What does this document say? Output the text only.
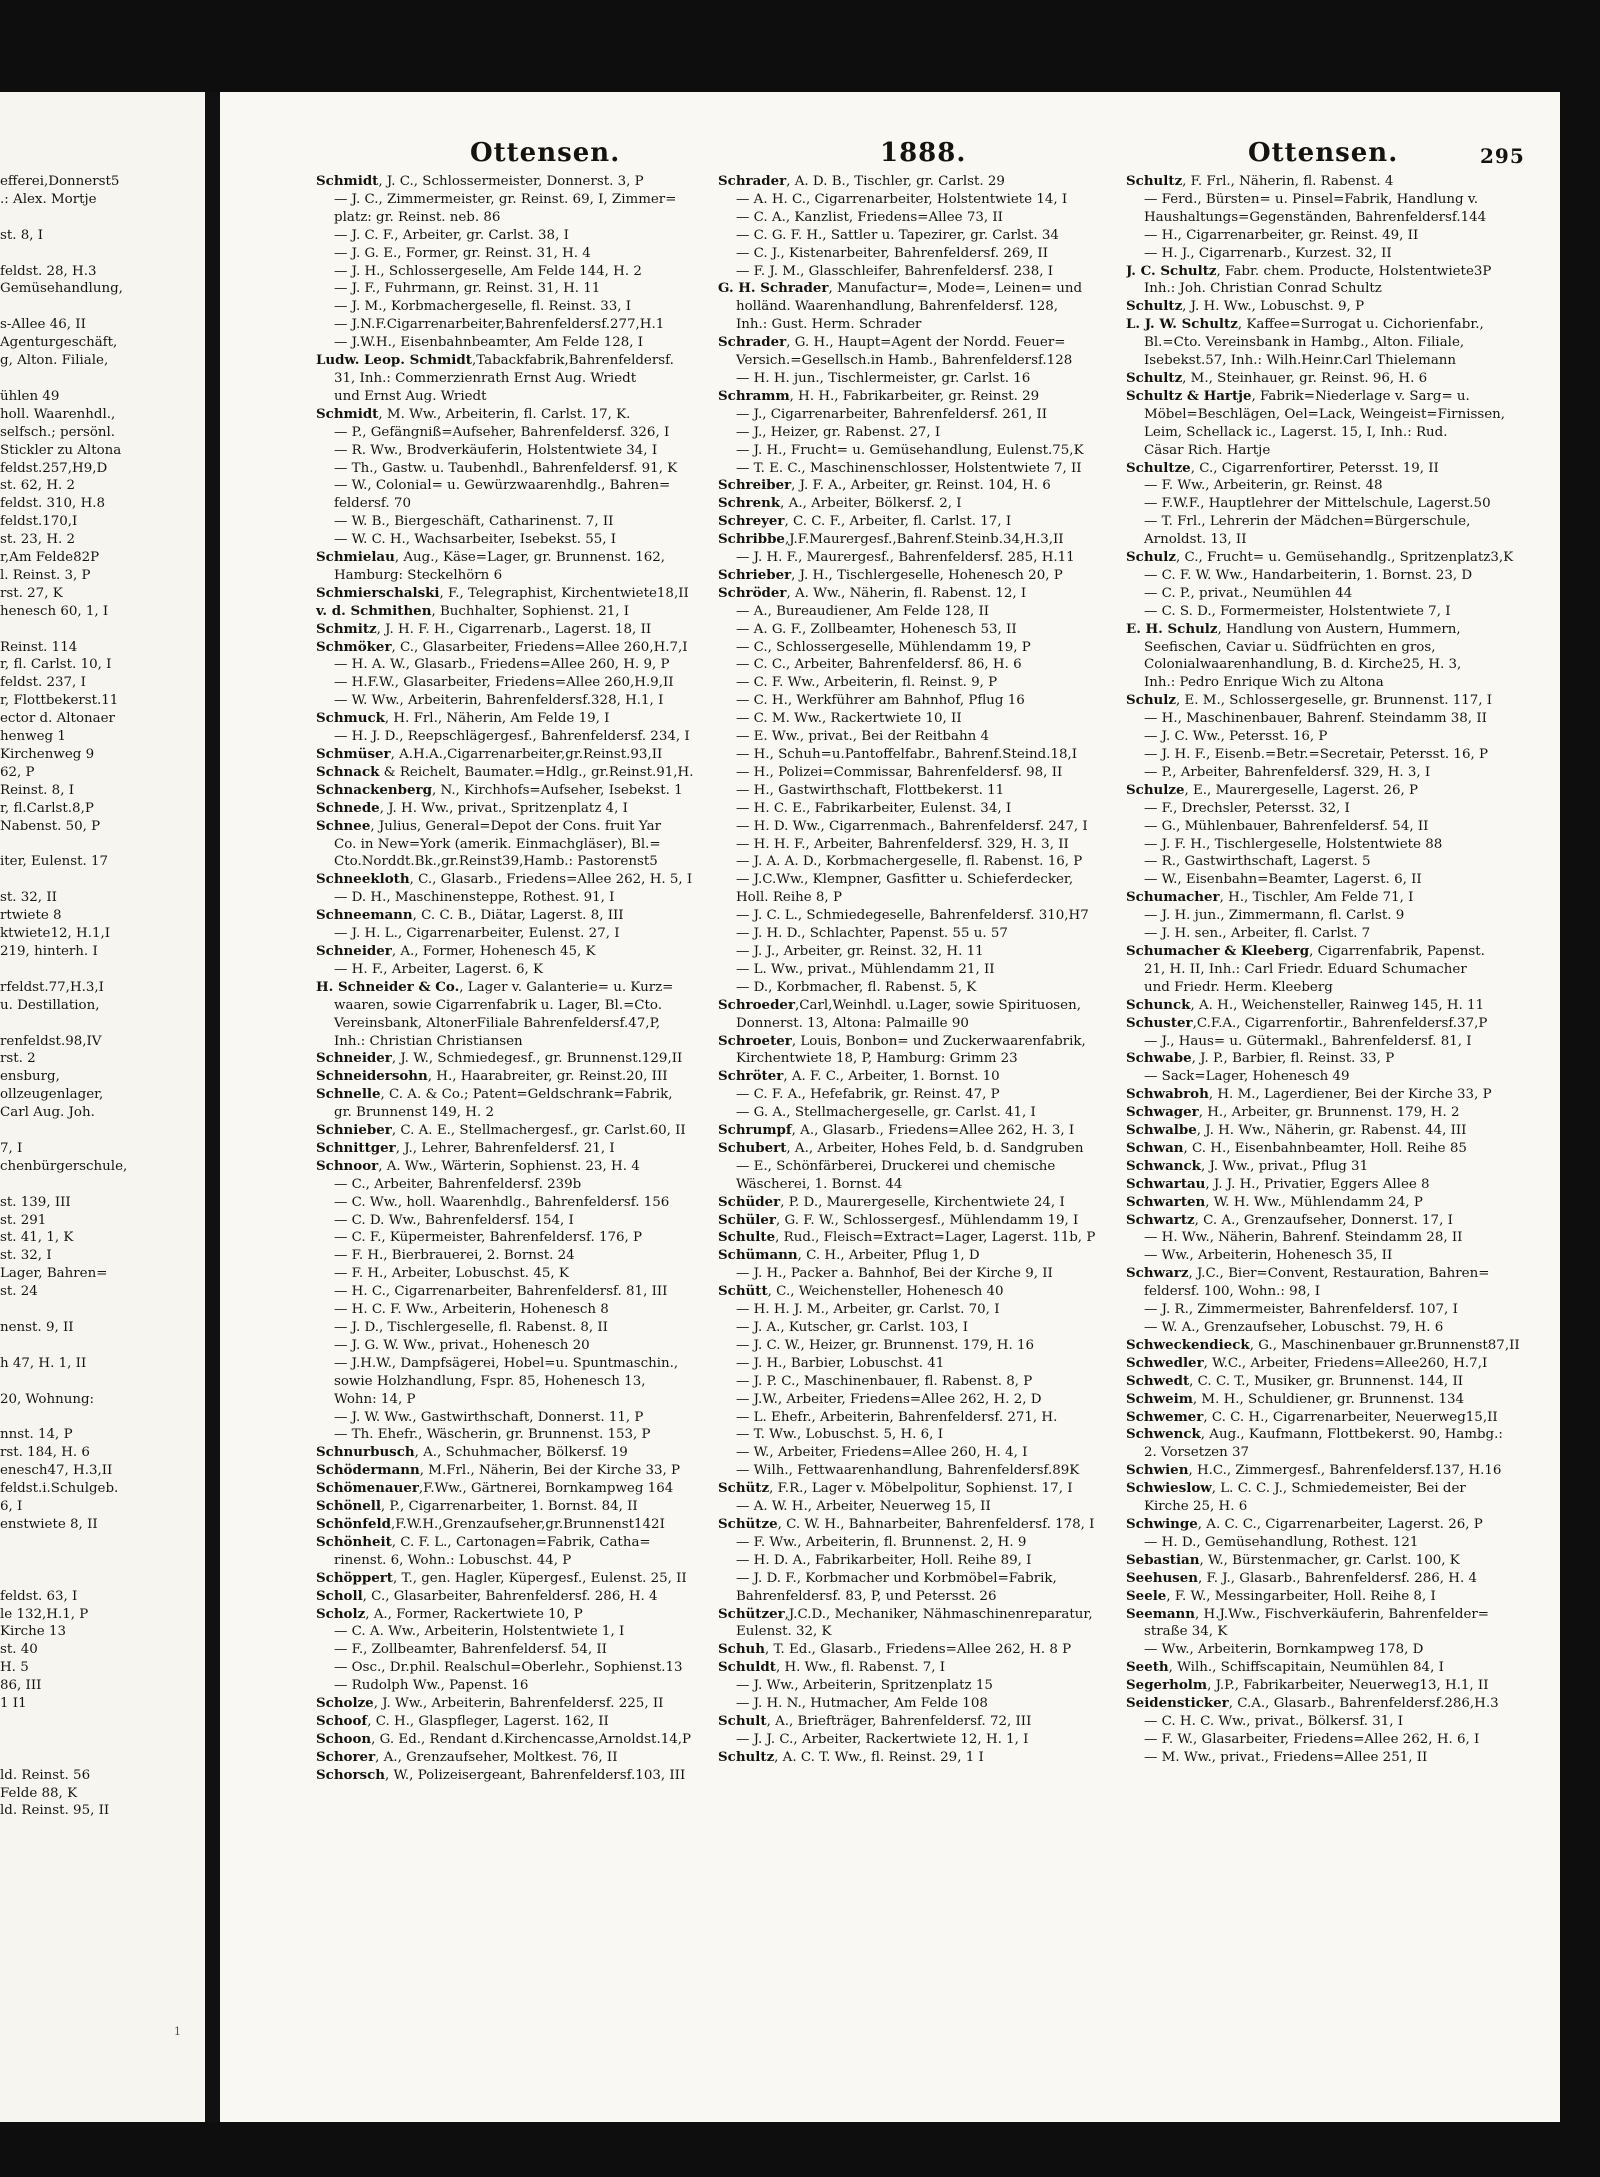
efferei,Donnerst5
.: Alex. Mortje

st. 8, I

feldst. 28, H.3
Gemüsehandlung,

s-Allee 46, II
Agenturgeschäft,
g, Alton. Filiale,

ühlen 49
holl. Waarenhdl.,
selfsch.; persönl.
Stickler zu Altona
feldst.257,H9,D
st. 62, H. 2
feldst. 310, H.8
feldst.170,I
st. 23, H. 2
r,Am Felde82P
l. Reinst. 3, P
rst. 27, K
henesch 60, 1, I

Reinst. 114
r, fl. Carlst. 10, I
feldst. 237, I
r, Flottbekerst.11
ector d. Altonaer
henweg 1
Kirchenweg 9
62, P
Reinst. 8, I
r, fl.Carlst.8,P
Nabenst. 50, P

iter, Eulenst. 17

st. 32, II
rtwiete 8
ktwiete12, H.1,I
219, hinterh. I

rfeldst.77,H.3,I
u. Destillation,

renfeldst.98,IV
rst. 2
ensburg,
ollzeugenlager,
Carl Aug. Joh.

7, I
chenbürgerschule,

st. 139, III
st. 291
st. 41, 1, K
st. 32, I
Lager, Bahren=
st. 24

nenst. 9, II

h 47, H. 1, II

20, Wohnung:

nnst. 14, P
rst. 184, H. 6
enesch47, H.3,II
feldst.i.Schulgeb.
6, I
enstwiete 8, II

feldst. 63, I
le 132,H.1, P
Kirche 13
st. 40
H. 5
86, III
1 I1

ld. Reinst. 56
Felde 88, K
ld. Reinst. 95, II
Ottensen.	1888.	Ottensen.	295
Schmidt, J. C., Schlossermeister, Donnerst. 3, P
— J. C., Zimmermeister, gr. Reinst. 69, I, Zimmer=
platz: gr. Reinst. neb. 86
— J. C. F., Arbeiter, gr. Carlst. 38, I
— J. G. E., Former, gr. Reinst. 31, H. 4
— J. H., Schlossergeselle, Am Felde 144, H. 2
— J. F., Fuhrmann, gr. Reinst. 31, H. 11
— J. M., Korbmachergeselle, fl. Reinst. 33, I
— J.N.F.Cigarrenarbeiter,Bahrenfeldersf.277,H.1
— J.W.H., Eisenbahnbeamter, Am Felde 128, I
Ludw. Leop. Schmidt,Tabackfabrik,Bahrenfeldersf.
31, Inh.: Commerzienrath Ernst Aug. Wriedt
und Ernst Aug. Wriedt
Schmidt, M. Ww., Arbeiterin, fl. Carlst. 17, K.
— P., Gefängniß=Aufseher, Bahrenfeldersf. 326, I
— R. Ww., Brodverkäuferin, Holstentwiete 34, I
— Th., Gastw. u. Taubenhdl., Bahrenfeldersf. 91, K
— W., Colonial= u. Gewürzwaarenhdlg., Bahren=
feldersf. 70
— W. B., Biergeschäft, Catharinenst. 7, II
— W. C. H., Wachsarbeiter, Isebekst. 55, I
Schmielau, Aug., Käse=Lager, gr. Brunnenst. 162,
Hamburg: Steckelhörn 6
Schmierschalski, F., Telegraphist, Kirchentwiete18,II
v. d. Schmithen, Buchhalter, Sophienst. 21, I
Schmitz, J. H. F. H., Cigarrenarb., Lagerst. 18, II
Schmöker, C., Glasarbeiter, Friedens=Allee 260,H.7,I
— H. A. W., Glasarb., Friedens=Allee 260, H. 9, P
— H.F.W., Glasarbeiter, Friedens=Allee 260,H.9,II
— W. Ww., Arbeiterin, Bahrenfeldersf.328, H.1, I
Schmuck, H. Frl., Näherin, Am Felde 19, I
— H. J. D., Reepschlägergesf., Bahrenfeldersf. 234, I
Schmüser, A.H.A.,Cigarrenarbeiter,gr.Reinst.93,II
Schnack & Reichelt, Baumater.=Hdlg., gr.Reinst.91,H.
Schnackenberg, N., Kirchhofs=Aufseher, Isebekst. 1
Schnede, J. H. Ww., privat., Spritzenplatz 4, I
Schnee, Julius, General=Depot der Cons. fruit Yar
Co. in New=York (amerik. Einmachgläser), Bl.=
Cto.Norddt.Bk.,gr.Reinst39,Hamb.: Pastorenst5
Schneekloth, C., Glasarb., Friedens=Allee 262, H. 5, I
— D. H., Maschinensteppe, Rothest. 91, I
Schneemann, C. C. B., Diätar, Lagerst. 8, III
— J. H. L., Cigarrenarbeiter, Eulenst. 27, I
Schneider, A., Former, Hohenesch 45, K
— H. F., Arbeiter, Lagerst. 6, K
H. Schneider & Co., Lager v. Galanterie= u. Kurz=
waaren, sowie Cigarrenfabrik u. Lager, Bl.=Cto.
Vereinsbank, AltonerFiliale Bahrenfeldersf.47,P,
Inh.: Christian Christiansen
Schneider, J. W., Schmiedegesf., gr. Brunnenst.129,II
Schneidersohn, H., Haarabreiter, gr. Reinst.20, III
Schnelle, C. A. & Co.; Patent=Geldschrank=Fabrik,
gr. Brunnenst 149, H. 2
Schnieber, C. A. E., Stellmachergesf., gr. Carlst.60, II
Schnittger, J., Lehrer, Bahrenfeldersf. 21, I
Schnoor, A. Ww., Wärterin, Sophienst. 23, H. 4
— C., Arbeiter, Bahrenfeldersf. 239b
— C. Ww., holl. Waarenhdlg., Bahrenfeldersf. 156
— C. D. Ww., Bahrenfeldersf. 154, I
— C. F., Küpermeister, Bahrenfeldersf. 176, P
— F. H., Bierbrauerei, 2. Bornst. 24
— F. H., Arbeiter, Lobuschst. 45, K
— H. C., Cigarrenarbeiter, Bahrenfeldersf. 81, III
— H. C. F. Ww., Arbeiterin, Hohenesch 8
— J. D., Tischlergeselle, fl. Rabenst. 8, II
— J. G. W. Ww., privat., Hohenesch 20
— J.H.W., Dampfsägerei, Hobel=u. Spuntmaschin.,
sowie Holzhandlung, Fspr. 85, Hohenesch 13,
Wohn: 14, P
— J. W. Ww., Gastwirthschaft, Donnerst. 11, P
— Th. Ehefr., Wäscherin, gr. Brunnenst. 153, P
Schnurbusch, A., Schuhmacher, Bölkersf. 19
Schödermann, M.Frl., Näherin, Bei der Kirche 33, P
Schömenauer,F.Ww., Gärtnerei, Bornkampweg 164
Schönell, P., Cigarrenarbeiter, 1. Bornst. 84, II
Schönfeld,F.W.H.,Grenzaufseher,gr.Brunnenst142I
Schönheit, C. F. L., Cartonagen=Fabrik, Catha=
rinenst. 6, Wohn.: Lobuschst. 44, P
Schöppert, T., gen. Hagler, Küpergesf., Eulenst. 25, II
Scholl, C., Glasarbeiter, Bahrenfeldersf. 286, H. 4
Scholz, A., Former, Rackertwiete 10, P
— C. A. Ww., Arbeiterin, Holstentwiete 1, I
— F., Zollbeamter, Bahrenfeldersf. 54, II
— Osc., Dr.phil. Realschul=Oberlehr., Sophienst.13
— Rudolph Ww., Papenst. 16
Scholze, J. Ww., Arbeiterin, Bahrenfeldersf. 225, II
Schoof, C. H., Glaspfleger, Lagerst. 162, II
Schoon, G. Ed., Rendant d.Kirchencasse,Arnoldst.14,P
Schorer, A., Grenzaufseher, Moltkest. 76, II
Schorsch, W., Polizeisergeant, Bahrenfeldersf.103, III
Schrader, A. D. B., Tischler, gr. Carlst. 29
— A. H. C., Cigarrenarbeiter, Holstentwiete 14, I
— C. A., Kanzlist, Friedens=Allee 73, II
— C. G. F. H., Sattler u. Tapezirer, gr. Carlst. 34
— C. J., Kistenarbeiter, Bahrenfeldersf. 269, II
— F. J. M., Glasschleifer, Bahrenfeldersf. 238, I
G. H. Schrader, Manufactur=, Mode=, Leinen= und
holländ. Waarenhandlung, Bahrenfeldersf. 128,
Inh.: Gust. Herm. Schrader
Schrader, G. H., Haupt=Agent der Nordd. Feuer=
Versich.=Gesellsch.in Hamb., Bahrenfeldersf.128
— H. H. jun., Tischlermeister, gr. Carlst. 16
Schramm, H. H., Fabrikarbeiter, gr. Reinst. 29
— J., Cigarrenarbeiter, Bahrenfeldersf. 261, II
— J., Heizer, gr. Rabenst. 27, I
— J. H., Frucht= u. Gemüsehandlung, Eulenst.75,K
— T. E. C., Maschinenschlosser, Holstentwiete 7, II
Schreiber, J. F. A., Arbeiter, gr. Reinst. 104, H. 6
Schrenk, A., Arbeiter, Bölkersf. 2, I
Schreyer, C. C. F., Arbeiter, fl. Carlst. 17, I
Schribbe,J.F.Maurergesf.,Bahrenf.Steinb.34,H.3,II
— J. H. F., Maurergesf., Bahrenfeldersf. 285, H.11
Schrieber, J. H., Tischlergeselle, Hohenesch 20, P
Schröder, A. Ww., Näherin, fl. Rabenst. 12, I
— A., Bureaudiener, Am Felde 128, II
— A. G. F., Zollbeamter, Hohenesch 53, II
— C., Schlossergeselle, Mühlendamm 19, P
— C. C., Arbeiter, Bahrenfeldersf. 86, H. 6
— C. F. Ww., Arbeiterin, fl. Reinst. 9, P
— C. H., Werkführer am Bahnhof, Pflug 16
— C. M. Ww., Rackertwiete 10, II
— E. Ww., privat., Bei der Reitbahn 4
— H., Schuh=u.Pantoffelfabr., Bahrenf.Steind.18,I
— H., Polizei=Commissar, Bahrenfeldersf. 98, II
— H., Gastwirthschaft, Flottbekerst. 11
— H. C. E., Fabrikarbeiter, Eulenst. 34, I
— H. D. Ww., Cigarrenmach., Bahrenfeldersf. 247, I
— H. H. F., Arbeiter, Bahrenfeldersf. 329, H. 3, II
— J. A. A. D., Korbmachergeselle, fl. Rabenst. 16, P
— J.C.Ww., Klempner, Gasfitter u. Schieferdecker,
Holl. Reihe 8, P
— J. C. L., Schmiedegeselle, Bahrenfeldersf. 310,H7
— J. H. D., Schlachter, Papenst. 55 u. 57
— J. J., Arbeiter, gr. Reinst. 32, H. 11
— L. Ww., privat., Mühlendamm 21, II
— D., Korbmacher, fl. Rabenst. 5, K
Schroeder,Carl,Weinhdl. u.Lager, sowie Spirituosen,
Donnerst. 13, Altona: Palmaille 90
Schroeter, Louis, Bonbon= und Zuckerwaarenfabrik,
Kirchentwiete 18, P, Hamburg: Grimm 23
Schröter, A. F. C., Arbeiter, 1. Bornst. 10
— C. F. A., Hefefabrik, gr. Reinst. 47, P
— G. A., Stellmachergeselle, gr. Carlst. 41, I
Schrumpf, A., Glasarb., Friedens=Allee 262, H. 3, I
Schubert, A., Arbeiter, Hohes Feld, b. d. Sandgruben
— E., Schönfärberei, Druckerei und chemische
Wäscherei, 1. Bornst. 44
Schüder, P. D., Maurergeselle, Kirchentwiete 24, I
Schüler, G. F. W., Schlossergesf., Mühlendamm 19, I
Schulte, Rud., Fleisch=Extract=Lager, Lagerst. 11b, P
Schümann, C. H., Arbeiter, Pflug 1, D
— J. H., Packer a. Bahnhof, Bei der Kirche 9, II
Schütt, C., Weichensteller, Hohenesch 40
— H. H. J. M., Arbeiter, gr. Carlst. 70, I
— J. A., Kutscher, gr. Carlst. 103, I
— J. C. W., Heizer, gr. Brunnenst. 179, H. 16
— J. H., Barbier, Lobuschst. 41
— J. P. C., Maschinenbauer, fl. Rabenst. 8, P
— J.W., Arbeiter, Friedens=Allee 262, H. 2, D
— L. Ehefr., Arbeiterin, Bahrenfeldersf. 271, H.
— T. Ww., Lobuschst. 5, H. 6, I
— W., Arbeiter, Friedens=Allee 260, H. 4, I
— Wilh., Fettwaarenhandlung, Bahrenfeldersf.89K
Schütz, F.R., Lager v. Möbelpolitur, Sophienst. 17, I
— A. W. H., Arbeiter, Neuerweg 15, II
Schütze, C. W. H., Bahnarbeiter, Bahrenfeldersf. 178, I
— F. Ww., Arbeiterin, fl. Brunnenst. 2, H. 9
— H. D. A., Fabrikarbeiter, Holl. Reihe 89, I
— J. D. F., Korbmacher und Korbmöbel=Fabrik,
Bahrenfeldersf. 83, P, und Petersst. 26
Schützer,J.C.D., Mechaniker, Nähmaschinenreparatur,
Eulenst. 32, K
Schuh, T. Ed., Glasarb., Friedens=Allee 262, H. 8 P
Schuldt, H. Ww., fl. Rabenst. 7, I
— J. Ww., Arbeiterin, Spritzenplatz 15
— J. H. N., Hutmacher, Am Felde 108
Schult, A., Briefträger, Bahrenfeldersf. 72, III
— J. J. C., Arbeiter, Rackertwiete 12, H. 1, I
Schultz, A. C. T. Ww., fl. Reinst. 29, 1 I
Schultz, F. Frl., Näherin, fl. Rabenst. 4
— Ferd., Bürsten= u. Pinsel=Fabrik, Handlung v.
Haushaltungs=Gegenständen, Bahrenfeldersf.144
— H., Cigarrenarbeiter, gr. Reinst. 49, II
— H. J., Cigarrenarb., Kurzest. 32, II
J. C. Schultz, Fabr. chem. Producte, Holstentwiete3P
Inh.: Joh. Christian Conrad Schultz
Schultz, J. H. Ww., Lobuschst. 9, P
L. J. W. Schultz, Kaffee=Surrogat u. Cichorienfabr.,
Bl.=Cto. Vereinsbank in Hambg., Alton. Filiale,
Isebekst.57, Inh.: Wilh.Heinr.Carl Thielemann
Schultz, M., Steinhauer, gr. Reinst. 96, H. 6
Schultz & Hartje, Fabrik=Niederlage v. Sarg= u.
Möbel=Beschlägen, Oel=Lack, Weingeist=Firnissen,
Leim, Schellack ic., Lagerst. 15, I, Inh.: Rud.
Cäsar Rich. Hartje
Schultze, C., Cigarrenfortirer, Petersst. 19, II
— F. Ww., Arbeiterin, gr. Reinst. 48
— F.W.F., Hauptlehrer der Mittelschule, Lagerst.50
— T. Frl., Lehrerin der Mädchen=Bürgerschule,
Arnoldst. 13, II
Schulz, C., Frucht= u. Gemüsehandlg., Spritzenplatz3,K
— C. F. W. Ww., Handarbeiterin, 1. Bornst. 23, D
— C. P., privat., Neumühlen 44
— C. S. D., Formermeister, Holstentwiete 7, I
E. H. Schulz, Handlung von Austern, Hummern,
Seefischen, Caviar u. Südfrüchten en gros,
Colonialwaarenhandlung, B. d. Kirche25, H. 3,
Inh.: Pedro Enrique Wich zu Altona
Schulz, E. M., Schlossergeselle, gr. Brunnenst. 117, I
— H., Maschinenbauer, Bahrenf. Steindamm 38, II
— J. C. Ww., Petersst. 16, P
— J. H. F., Eisenb.=Betr.=Secretair, Petersst. 16, P
— P., Arbeiter, Bahrenfeldersf. 329, H. 3, I
Schulze, E., Maurergeselle, Lagerst. 26, P
— F., Drechsler, Petersst. 32, I
— G., Mühlenbauer, Bahrenfeldersf. 54, II
— J. F. H., Tischlergeselle, Holstentwiete 88
— R., Gastwirthschaft, Lagerst. 5
— W., Eisenbahn=Beamter, Lagerst. 6, II
Schumacher, H., Tischler, Am Felde 71, I
— J. H. jun., Zimmermann, fl. Carlst. 9
— J. H. sen., Arbeiter, fl. Carlst. 7
Schumacher & Kleeberg, Cigarrenfabrik, Papenst.
21, H. II, Inh.: Carl Friedr. Eduard Schumacher
und Friedr. Herm. Kleeberg
Schunck, A. H., Weichensteller, Rainweg 145, H. 11
Schuster,C.F.A., Cigarrenfortir., Bahrenfeldersf.37,P
— J., Haus= u. Gütermakl., Bahrenfeldersf. 81, I
Schwabe, J. P., Barbier, fl. Reinst. 33, P
— Sack=Lager, Hohenesch 49
Schwabroh, H. M., Lagerdiener, Bei der Kirche 33, P
Schwager, H., Arbeiter, gr. Brunnenst. 179, H. 2
Schwalbe, J. H. Ww., Näherin, gr. Rabenst. 44, III
Schwan, C. H., Eisenbahnbeamter, Holl. Reihe 85
Schwanck, J. Ww., privat., Pflug 31
Schwartau, J. J. H., Privatier, Eggers Allee 8
Schwarten, W. H. Ww., Mühlendamm 24, P
Schwartz, C. A., Grenzaufseher, Donnerst. 17, I
— H. Ww., Näherin, Bahrenf. Steindamm 28, II
— Ww., Arbeiterin, Hohenesch 35, II
Schwarz, J.C., Bier=Convent, Restauration, Bahren=
feldersf. 100, Wohn.: 98, I
— J. R., Zimmermeister, Bahrenfeldersf. 107, I
— W. A., Grenzaufseher, Lobuschst. 79, H. 6
Schweckendieck, G., Maschinenbauer gr.Brunnenst87,II
Schwedler, W.C., Arbeiter, Friedens=Allee260, H.7,I
Schwedt, C. C. T., Musiker, gr. Brunnenst. 144, II
Schweim, M. H., Schuldiener, gr. Brunnenst. 134
Schwemer, C. C. H., Cigarrenarbeiter, Neuerweg15,II
Schwenck, Aug., Kaufmann, Flottbekerst. 90, Hambg.:
2. Vorsetzen 37
Schwien, H.C., Zimmergesf., Bahrenfeldersf.137, H.16
Schwieslow, L. C. C. J., Schmiedemeister, Bei der
Kirche 25, H. 6
Schwinge, A. C. C., Cigarrenarbeiter, Lagerst. 26, P
— H. D., Gemüsehandlung, Rothest. 121
Sebastian, W., Bürstenmacher, gr. Carlst. 100, K
Seehusen, F. J., Glasarb., Bahrenfeldersf. 286, H. 4
Seele, F. W., Messingarbeiter, Holl. Reihe 8, I
Seemann, H.J.Ww., Fischverkäuferin, Bahrenfelder=
straße 34, K
— Ww., Arbeiterin, Bornkampweg 178, D
Seeth, Wilh., Schiffscapitain, Neumühlen 84, I
Segerholm, J.P., Fabrikarbeiter, Neuerweg13, H.1, II
Seidensticker, C.A., Glasarb., Bahrenfeldersf.286,H.3
— C. H. C. Ww., privat., Bölkersf. 31, I
— F. W., Glasarbeiter, Friedens=Allee 262, H. 6, I
— M. Ww., privat., Friedens=Allee 251, II
1
